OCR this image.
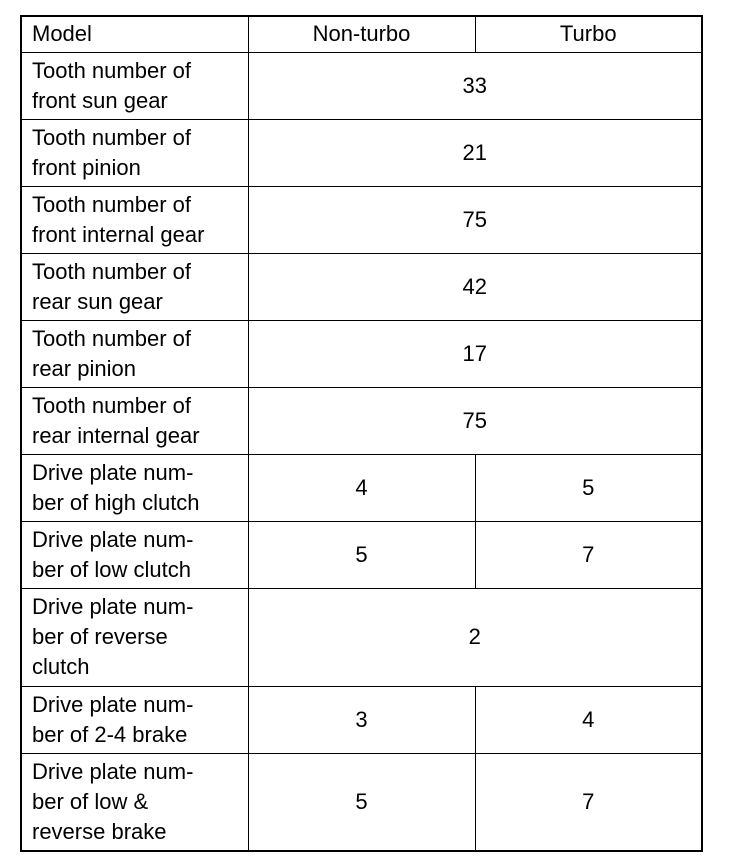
Model	Non-turbo	Turbo
Tooth number of
front sun gear	33	
Tooth number of
front pinion	21	
Tooth number of
front internal gear	75	
Tooth number of
rear sun gear	42	
Tooth number of
rear pinion	17	
Tooth number of
rear internal gear	75	
Drive plate num-
ber of high clutch	4	5
Drive plate num-
ber of low clutch	5	7
Drive plate num-
ber of reverse
clutch	2	
Drive plate num-
ber of 2-4 brake	3	4
Drive plate num-
ber of low &
reverse brake	5	7
